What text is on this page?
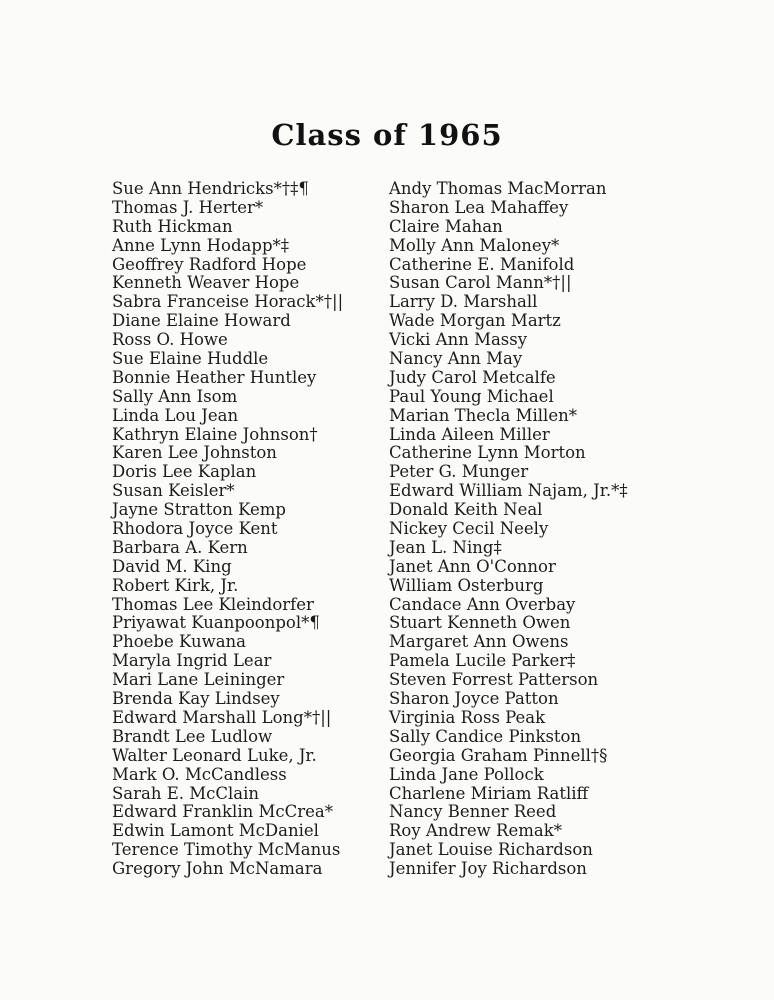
Class of 1965
Sue Ann Hendricks*†‡¶
Thomas J. Herter*
Ruth Hickman
Anne Lynn Hodapp*‡
Geoffrey Radford Hope
Kenneth Weaver Hope
Sabra Franceise Horack*†||
Diane Elaine Howard
Ross O. Howe
Sue Elaine Huddle
Bonnie Heather Huntley
Sally Ann Isom
Linda Lou Jean
Kathryn Elaine Johnson†
Karen Lee Johnston
Doris Lee Kaplan
Susan Keisler*
Jayne Stratton Kemp
Rhodora Joyce Kent
Barbara A. Kern
David M. King
Robert Kirk, Jr.
Thomas Lee Kleindorfer
Priyawat Kuanpoonpol*¶
Phoebe Kuwana
Maryla Ingrid Lear
Mari Lane Leininger
Brenda Kay Lindsey
Edward Marshall Long*†||
Brandt Lee Ludlow
Walter Leonard Luke, Jr.
Mark O. McCandless
Sarah E. McClain
Edward Franklin McCrea*
Edwin Lamont McDaniel
Terence Timothy McManus
Gregory John McNamara
Andy Thomas MacMorran
Sharon Lea Mahaffey
Claire Mahan
Molly Ann Maloney*
Catherine E. Manifold
Susan Carol Mann*†||
Larry D. Marshall
Wade Morgan Martz
Vicki Ann Massy
Nancy Ann May
Judy Carol Metcalfe
Paul Young Michael
Marian Thecla Millen*
Linda Aileen Miller
Catherine Lynn Morton
Peter G. Munger
Edward William Najam, Jr.*‡
Donald Keith Neal
Nickey Cecil Neely
Jean L. Ning‡
Janet Ann O'Connor
William Osterburg
Candace Ann Overbay
Stuart Kenneth Owen
Margaret Ann Owens
Pamela Lucile Parker‡
Steven Forrest Patterson
Sharon Joyce Patton
Virginia Ross Peak
Sally Candice Pinkston
Georgia Graham Pinnell†§
Linda Jane Pollock
Charlene Miriam Ratliff
Nancy Benner Reed
Roy Andrew Remak*
Janet Louise Richardson
Jennifer Joy Richardson
